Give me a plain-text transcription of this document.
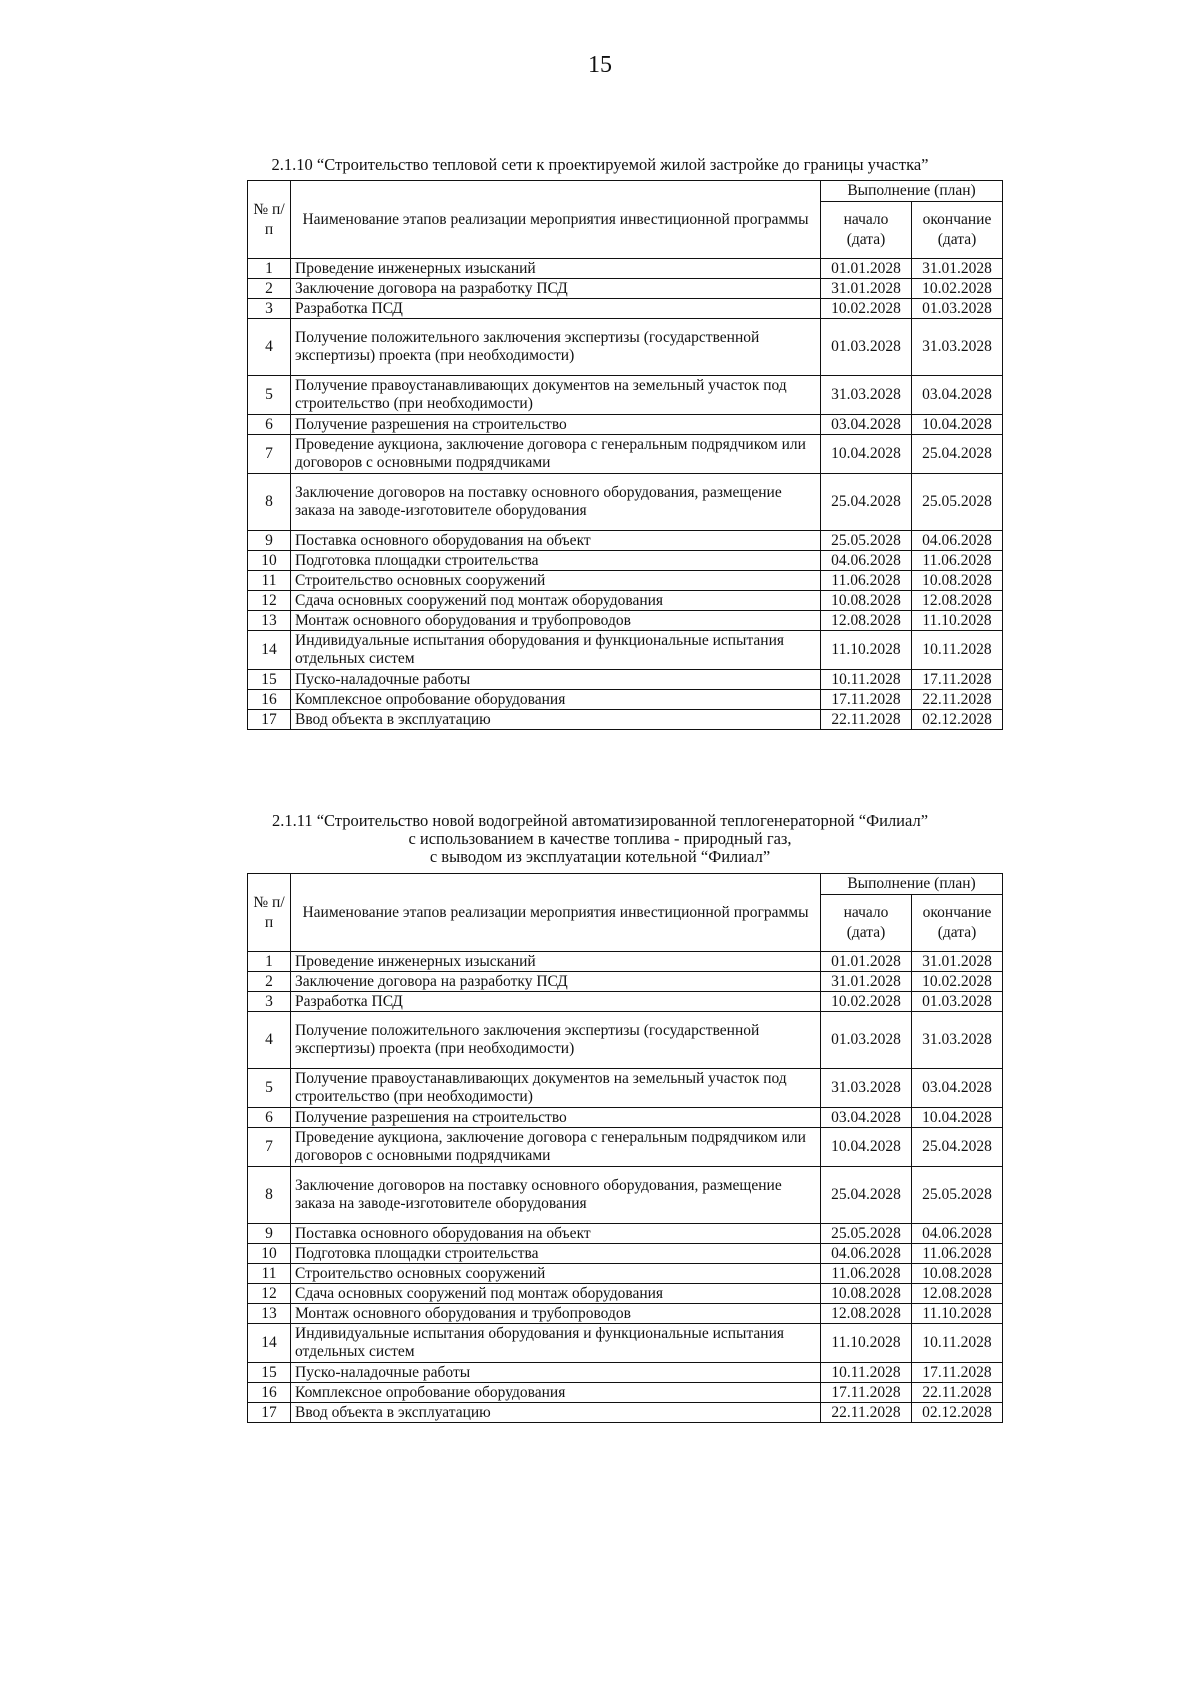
15
2.1.10 “Строительство тепловой сети к проектируемой жилой застройке до границы участка”
№ п/п	Наименование этапов реализации мероприятия инвестиционной программы	Выполнение (план)	
		начало (дата)	окончание (дата)
1	Проведение инженерных изысканий	01.01.2028	31.01.2028
2	Заключение договора на разработку ПСД	31.01.2028	10.02.2028
3	Разработка ПСД	10.02.2028	01.03.2028
4	Получение положительного заключения экспертизы (государственной экспертизы) проекта (при необходимости)	01.03.2028	31.03.2028
5	Получение правоустанавливающих документов на земельный участок под строительство (при необходимости)	31.03.2028	03.04.2028
6	Получение разрешения на строительство	03.04.2028	10.04.2028
7	Проведение аукциона, заключение договора с генеральным подрядчиком или договоров с основными подрядчиками	10.04.2028	25.04.2028
8	Заключение договоров на поставку основного оборудования, размещение заказа на заводе-изготовителе оборудования	25.04.2028	25.05.2028
9	Поставка основного оборудования на объект	25.05.2028	04.06.2028
10	Подготовка площадки строительства	04.06.2028	11.06.2028
11	Строительство основных сооружений	11.06.2028	10.08.2028
12	Сдача основных сооружений под монтаж оборудования	10.08.2028	12.08.2028
13	Монтаж основного оборудования и трубопроводов	12.08.2028	11.10.2028
14	Индивидуальные испытания оборудования и функциональные испытания отдельных систем	11.10.2028	10.11.2028
15	Пуско-наладочные работы	10.11.2028	17.11.2028
16	Комплексное опробование оборудования	17.11.2028	22.11.2028
17	Ввод объекта в эксплуатацию	22.11.2028	02.12.2028
2.1.11 “Строительство новой водогрейной автоматизированной теплогенераторной “Филиал”
с использованием в качестве топлива - природный газ,
с выводом из эксплуатации котельной “Филиал”
№ п/п	Наименование этапов реализации мероприятия инвестиционной программы	Выполнение (план)	
		начало (дата)	окончание (дата)
1	Проведение инженерных изысканий	01.01.2028	31.01.2028
2	Заключение договора на разработку ПСД	31.01.2028	10.02.2028
3	Разработка ПСД	10.02.2028	01.03.2028
4	Получение положительного заключения экспертизы (государственной экспертизы) проекта (при необходимости)	01.03.2028	31.03.2028
5	Получение правоустанавливающих документов на земельный участок под строительство (при необходимости)	31.03.2028	03.04.2028
6	Получение разрешения на строительство	03.04.2028	10.04.2028
7	Проведение аукциона, заключение договора с генеральным подрядчиком или договоров с основными подрядчиками	10.04.2028	25.04.2028
8	Заключение договоров на поставку основного оборудования, размещение заказа на заводе-изготовителе оборудования	25.04.2028	25.05.2028
9	Поставка основного оборудования на объект	25.05.2028	04.06.2028
10	Подготовка площадки строительства	04.06.2028	11.06.2028
11	Строительство основных сооружений	11.06.2028	10.08.2028
12	Сдача основных сооружений под монтаж оборудования	10.08.2028	12.08.2028
13	Монтаж основного оборудования и трубопроводов	12.08.2028	11.10.2028
14	Индивидуальные испытания оборудования и функциональные испытания отдельных систем	11.10.2028	10.11.2028
15	Пуско-наладочные работы	10.11.2028	17.11.2028
16	Комплексное опробование оборудования	17.11.2028	22.11.2028
17	Ввод объекта в эксплуатацию	22.11.2028	02.12.2028
